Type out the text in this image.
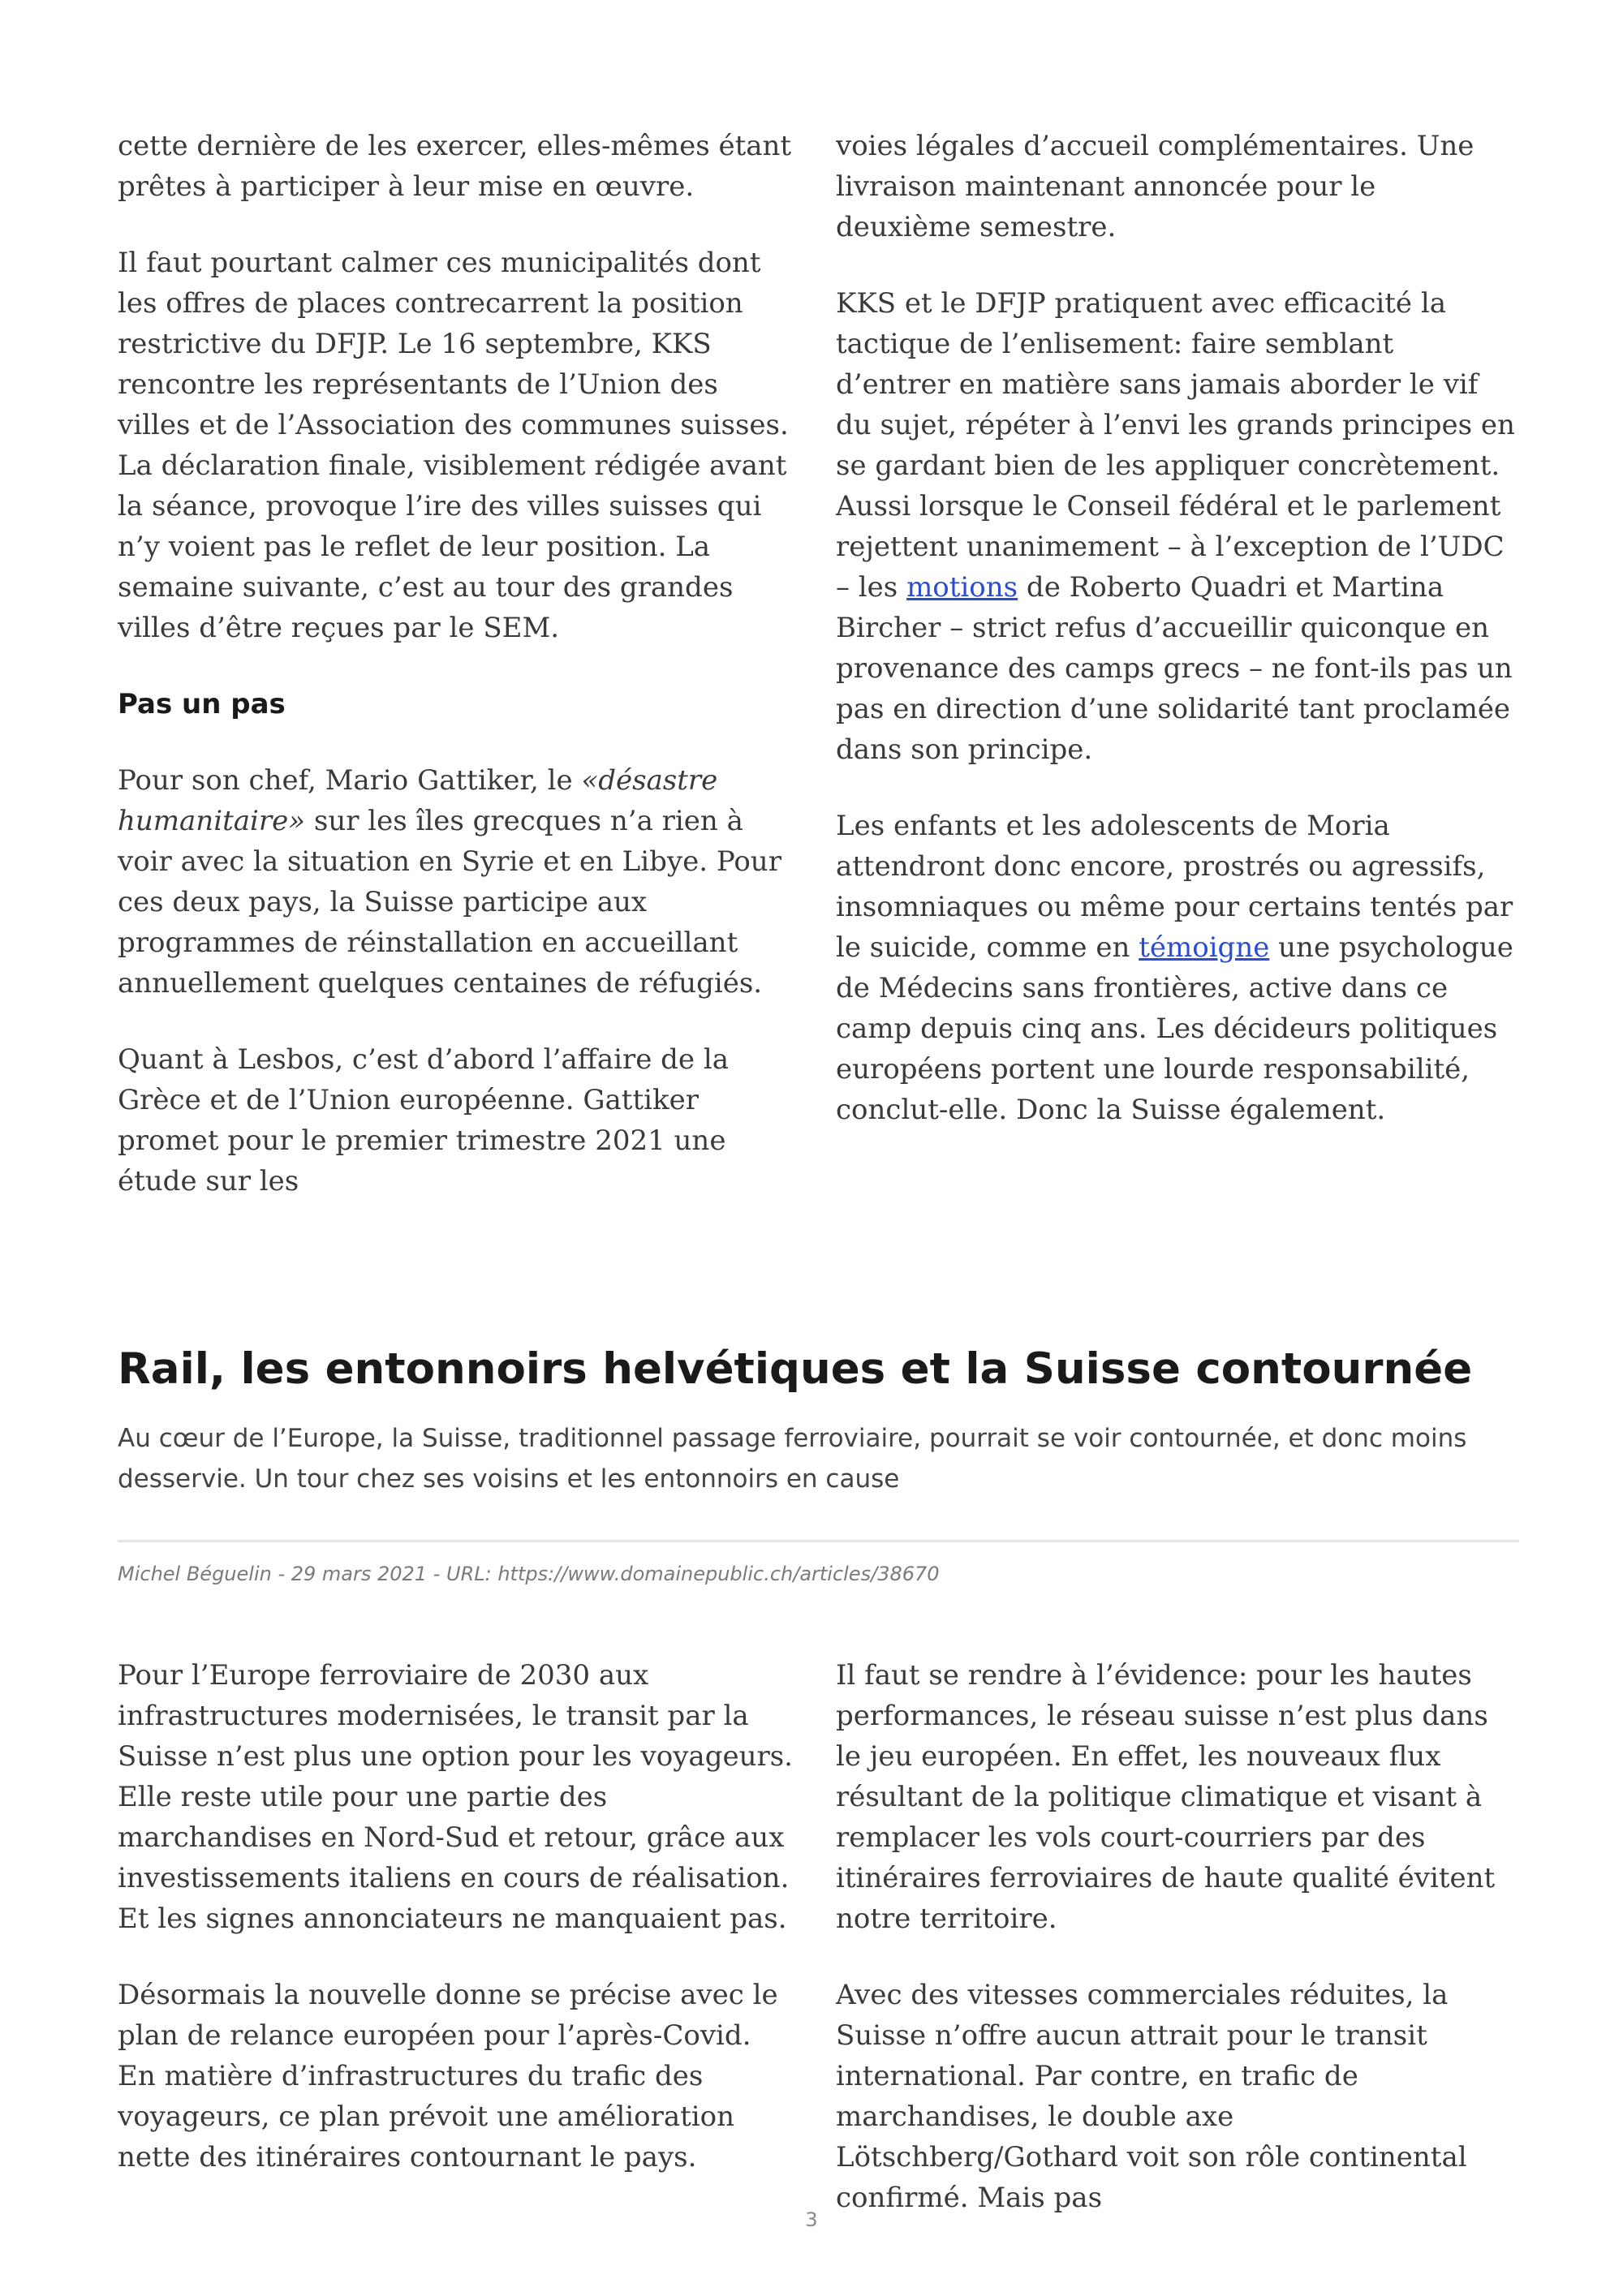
cette dernière de les exercer, elles-mêmes étant prêtes à participer à leur mise en œuvre.

Il faut pourtant calmer ces municipalités dont les offres de places contrecarrent la position restrictive du DFJP. Le 16 septembre, KKS rencontre les représentants de l’Union des villes et de l’Association des communes suisses. La déclaration finale, visiblement rédigée avant la séance, provoque l’ire des villes suisses qui n’y voient pas le reflet de leur position. La semaine suivante, c’est au tour des grandes villes d’être reçues par le SEM.

Pas un pas

Pour son chef, Mario Gattiker, le «désastre humanitaire» sur les îles grecques n’a rien à voir avec la situation en Syrie et en Libye. Pour ces deux pays, la Suisse participe aux programmes de réinstallation en accueillant annuellement quelques centaines de réfugiés.

Quant à Lesbos, c’est d’abord l’affaire de la Grèce et de l’Union européenne. Gattiker promet pour le premier trimestre 2021 une étude sur les

voies légales d’accueil complémentaires. Une livraison maintenant annoncée pour le deuxième semestre.

KKS et le DFJP pratiquent avec efficacité la tactique de l’enlisement: faire semblant d’entrer en matière sans jamais aborder le vif du sujet, répéter à l’envi les grands principes en se gardant bien de les appliquer concrètement. Aussi lorsque le Conseil fédéral et le parlement rejettent unanimement – à l’exception de l’UDC – les motions de Roberto Quadri et Martina Bircher – strict refus d’accueillir quiconque en provenance des camps grecs – ne font-ils pas un pas en direction d’une solidarité tant proclamée dans son principe.

Les enfants et les adolescents de Moria attendront donc encore, prostrés ou agressifs, insomniaques ou même pour certains tentés par le suicide, comme en témoigne une psychologue de Médecins sans frontières, active dans ce camp depuis cinq ans. Les décideurs politiques européens portent une lourde responsabilité, conclut-elle. Donc la Suisse également.

Rail, les entonnoirs helvétiques et la Suisse contournée

Au cœur de l’Europe, la Suisse, traditionnel passage ferroviaire, pourrait se voir contournée, et donc moins desservie. Un tour chez ses voisins et les entonnoirs en cause

Michel Béguelin - 29 mars 2021 - URL: https://www.domainepublic.ch/articles/38670

Pour l’Europe ferroviaire de 2030 aux infrastructures modernisées, le transit par la Suisse n’est plus une option pour les voyageurs. Elle reste utile pour une partie des marchandises en Nord-Sud et retour, grâce aux investissements italiens en cours de réalisation. Et les signes annonciateurs ne manquaient pas.

Désormais la nouvelle donne se précise avec le plan de relance européen pour l’après-Covid. En matière d’infrastructures du trafic des voyageurs, ce plan prévoit une amélioration nette des itinéraires contournant le pays.

Il faut se rendre à l’évidence: pour les hautes performances, le réseau suisse n’est plus dans le jeu européen. En effet, les nouveaux flux résultant de la politique climatique et visant à remplacer les vols court-courriers par des itinéraires ferroviaires de haute qualité évitent notre territoire.

Avec des vitesses commerciales réduites, la Suisse n’offre aucun attrait pour le transit international. Par contre, en trafic de marchandises, le double axe Lötschberg/Gothard voit son rôle continental confirmé. Mais pas

3
